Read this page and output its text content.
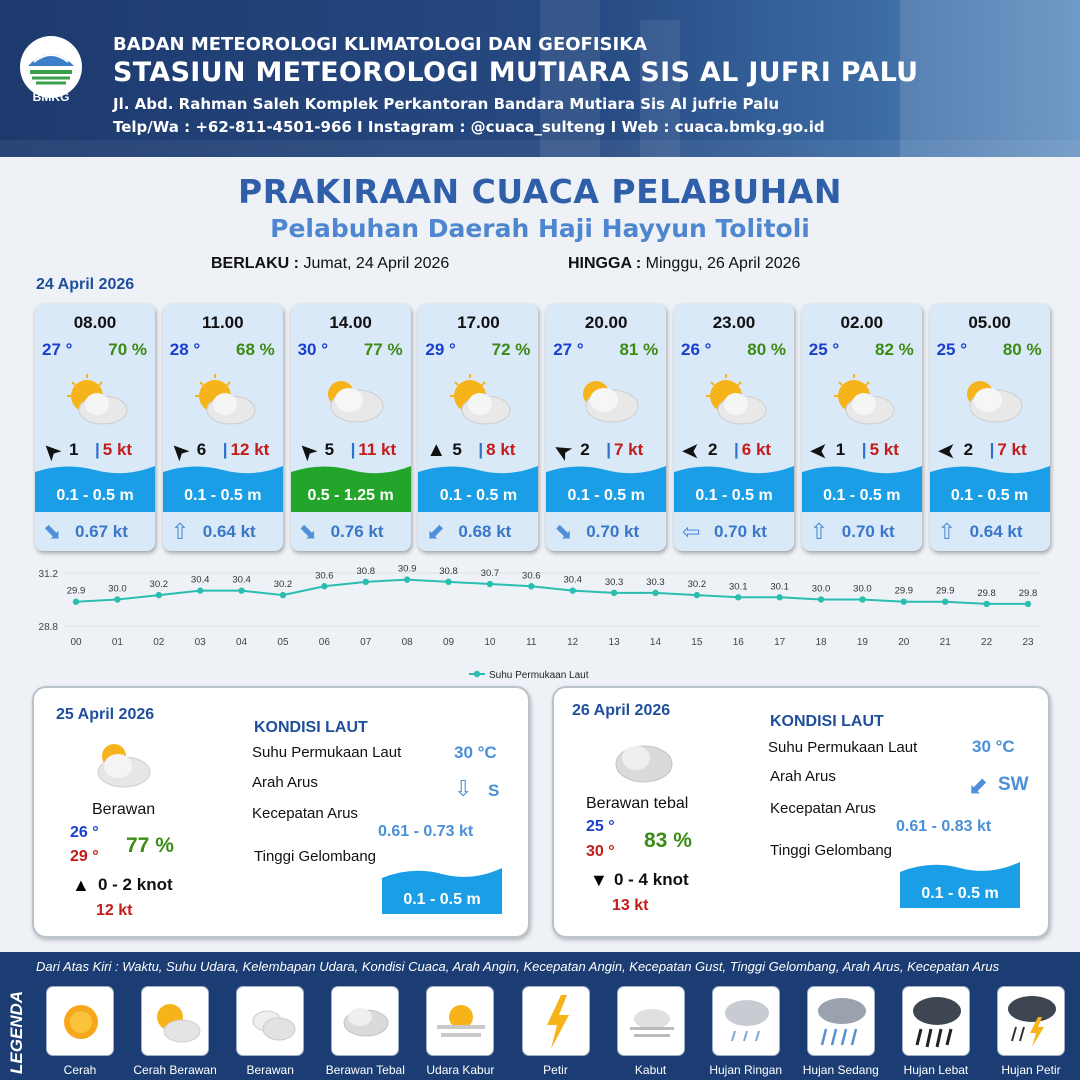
BMKG
BADAN METEOROLOGI KLIMATOLOGI DAN GEOFISIKA
STASIUN METEOROLOGI MUTIARA SIS AL JUFRI PALU
Jl. Abd. Rahman Saleh Komplek Perkantoran Bandara Mutiara Sis Al jufrie Palu
Telp/Wa : +62-811-4501-966 I Instagram : @cuaca_sulteng I Web : cuaca.bmkg.go.id
PRAKIRAAN CUACA PELABUHAN
Pelabuhan Daerah Haji Hayyun Tolitoli
BERLAKU : Jumat, 24 April 2026	HINGGA : Minggu, 26 April 2026
24 April 2026
08.00
27 ° 70 %
➤ 1 | 5 kt
0.1 - 0.5 m
⬊ 0.67 kt
11.00
28 ° 68 %
➤ 6 | 12 kt
0.1 - 0.5 m
⇧ 0.64 kt
14.00
30 ° 77 %
➤ 5 | 11 kt
0.5 - 1.25 m
⬊ 0.76 kt
17.00
29 ° 72 %
▲ 5 | 8 kt
0.1 - 0.5 m
⬋ 0.68 kt
20.00
27 ° 81 %
➤ 2 | 7 kt
0.1 - 0.5 m
⬊ 0.70 kt
23.00
26 ° 80 %
➤ 2 | 6 kt
0.1 - 0.5 m
⇦ 0.70 kt
02.00
25 ° 82 %
➤ 1 | 5 kt
0.1 - 0.5 m
⇧ 0.70 kt
05.00
25 ° 80 %
➤ 2 | 7 kt
0.1 - 0.5 m
⇧ 0.64 kt
31.2
28.8
29.9 30.0 30.2 30.4 30.4 30.2
30.6 30.8 30.9 30.8 30.7 30.6 30.4 30.3 30.3 30.2 30.1 30.1 30.0 30.0 29.9 29.9 29.8 29.8
00	01	02	03	04	05	06	07	08	09	10	11	12	13	14	15	16	17	18	19	20	21	22	23
Suhu Permukaan Laut
25 April 2026
Berawan
26 °
29 ° 77 %
▲ 0 - 2 knot
12 kt
KONDISI LAUT
Suhu Permukaan Laut	30 °C
Arah Arus	⇩ S
Kecepatan Arus
0.61 - 0.73 kt
Tinggi Gelombang
0.1 - 0.5 m
26 April 2026
Berawan tebal
25 °
30 ° 83 %
▼ 0 - 4 knot
13 kt
KONDISI LAUT
Suhu Permukaan Laut	30 °C
Arah Arus	⬋ SW
Kecepatan Arus
0.61 - 0.83 kt
Tinggi Gelombang
0.1 - 0.5 m
LEGENDA
Dari Atas Kiri : Waktu, Suhu Udara, Kelembapan Udara, Kondisi Cuaca, Arah Angin, Kecepatan Angin, Kecepatan Gust, Tinggi Gelombang, Arah Arus, Kecepatan Arus
Cerah	Cerah Berawan	Berawan	Berawan Tebal	Udara Kabur	Petir	Kabut	Hujan Ringan	Hujan Sedang	Hujan Lebat	Hujan Petir
